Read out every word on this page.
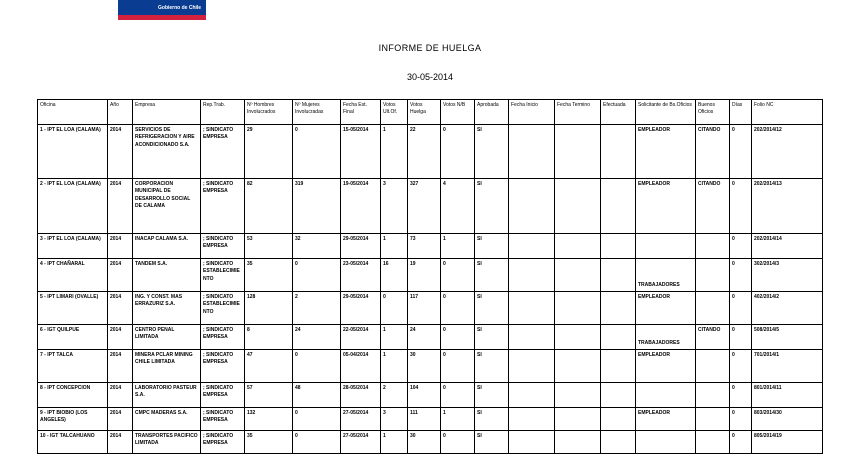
Gobierno de Chile
INFORME DE HUELGA
30-05-2014
Oficina	Año	Empresa	Rep.Trab.	Nº Hombres Involucrados	Nº Mujeres Involucradas	Fecha Est. Final	Votos Ult.Of.	Votos Huelga	Votos N/B	Aprobada	Fecha Inicio	Fecha Termino	Efectuada	Solicitante de Bs.Oficios	Buenos Oficios	Días	Folio NC
1 - IPT EL LOA (CALAMA)	2014	SERVICIOS DE REFRIGERACION Y AIRE ACONDICIONADO S.A.	; SINDICATO EMPRESA	29	0	15-05/2014	1	22	0	SI				EMPLEADOR	CITANDO	0	202/2014/12
2 - IPT EL LOA (CALAMA)	2014	CORPORACION MUNICIPAL DE DESARROLLO SOCIAL DE CALAMA	; SINDICATO EMPRESA	82	319	19-05/2014	3	327	4	SI				EMPLEADOR	CITANDO	0	202/2014/13
3 - IPT EL LOA (CALAMA)	2014	INACAP CALAMA S.A.	; SINDICATO EMPRESA	53	32	29-05/2014	1	73	1	SI						0	202/2014/14
4 - IPT CHAÑARAL	2014	TANDEM S.A.	; SINDICATO ESTABLECIMIENTO	35	0	23-05/2014	16	19	0	SI				TRABAJADORES		0	302/2014/3
5 - IPT LIMARI (OVALLE)	2014	ING. Y CONST. MAS ERRAZURIZ S.A.	; SINDICATO ESTABLECIMIENTO	128	2	29-05/2014	0	117	0	SI				EMPLEADOR		0	402/2014/2
6 - IGT QUILPUE	2014	CENTRO PENAL LIMITADA	; SINDICATO EMPRESA	8	24	22-05/2014	1	24	0	SI				TRABAJADORES	CITANDO	0	508/2014/5
7 - IPT TALCA	2014	MINERA PCLAR MINING CHILE LIMITADA	; SINDICATO EMPRESA	47	0	05-04/2014	1	30	0	SI				EMPLEADOR		0	701/2014/1
8 - IPT CONCEPCION	2014	LABORATORIO PASTEUR S.A.	; SINDICATO EMPRESA	57	48	28-05/2014	2	104	0	SI						0	801/2014/11
9 - IPT BIOBIO (LOS ANGELES)	2014	CMPC MADERAS S.A.	; SINDICATO EMPRESA	132	0	27-05/2014	3	111	1	SI				EMPLEADOR		0	803/2014/30
10 - IGT TALCAHUANO	2014	TRANSPORTES PACIFICO LIMITADA	; SINDICATO EMPRESA	35	0	27-05/2014	1	30	0	SI						0	805/2014/19
